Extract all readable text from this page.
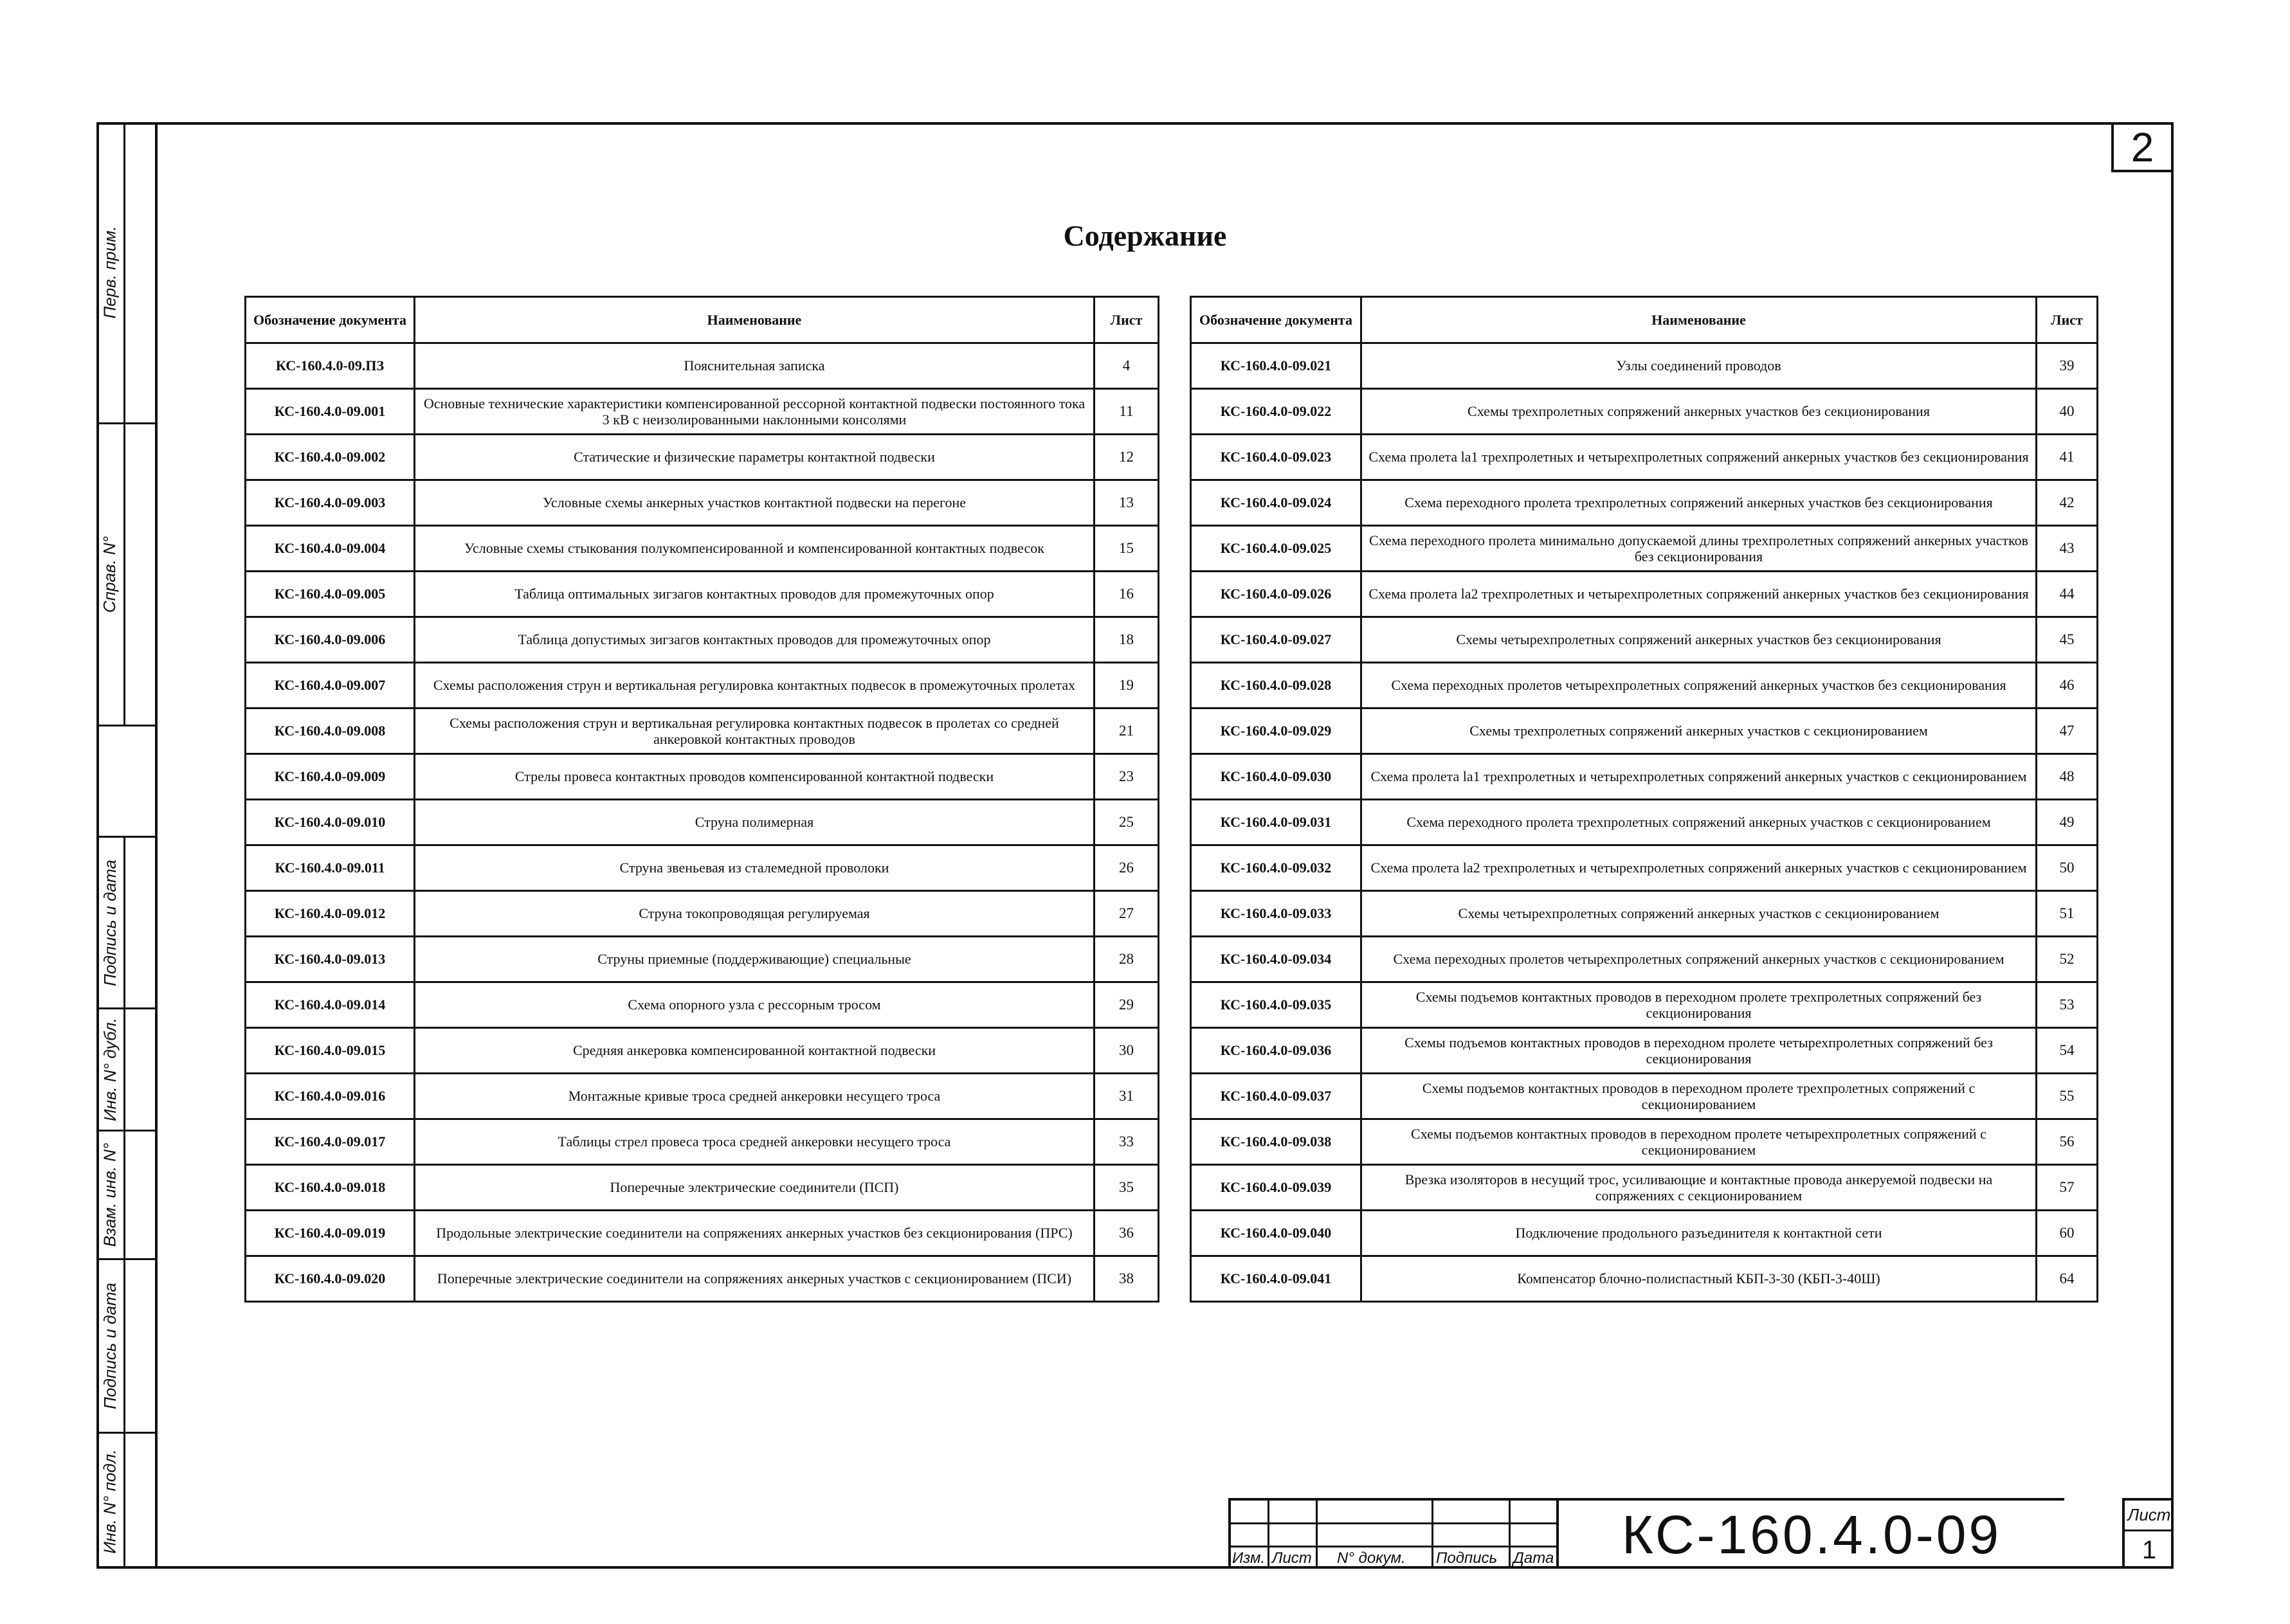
Перв. прим.
Справ. N°
Подпись и дата
Инв. N° дубл.
Взам. инв. N°
Подпись и дата
Инв. N° подл.
2
Содержание
Обозначение документа	Наименование	Лист
КС-160.4.0-09.ПЗ	Пояснительная записка	4
КС-160.4.0-09.001	Основные технические характеристики компенсированной рессорной контактной подвески постоянного тока 3 кВ с неизолированными наклонными консолями	11
КС-160.4.0-09.002	Статические и физические параметры контактной подвески	12
КС-160.4.0-09.003	Условные схемы анкерных участков контактной подвески на перегоне	13
КС-160.4.0-09.004	Условные схемы стыкования полукомпенсированной и компенсированной контактных подвесок	15
КС-160.4.0-09.005	Таблица оптимальных зигзагов контактных проводов для промежуточных опор	16
КС-160.4.0-09.006	Таблица допустимых зигзагов контактных проводов для промежуточных опор	18
КС-160.4.0-09.007	Схемы расположения струн и вертикальная регулировка контактных подвесок в промежуточных пролетах	19
КС-160.4.0-09.008	Схемы расположения струн и вертикальная регулировка контактных подвесок в пролетах со средней анкеровкой контактных проводов	21
КС-160.4.0-09.009	Стрелы провеса контактных проводов компенсированной контактной подвески	23
КС-160.4.0-09.010	Струна полимерная	25
КС-160.4.0-09.011	Струна звеньевая из сталемедной проволоки	26
КС-160.4.0-09.012	Струна токопроводящая регулируемая	27
КС-160.4.0-09.013	Струны приемные (поддерживающие) специальные	28
КС-160.4.0-09.014	Схема опорного узла с рессорным тросом	29
КС-160.4.0-09.015	Средняя анкеровка компенсированной контактной подвески	30
КС-160.4.0-09.016	Монтажные кривые троса средней анкеровки несущего троса	31
КС-160.4.0-09.017	Таблицы стрел провеса троса средней анкеровки несущего троса	33
КС-160.4.0-09.018	Поперечные электрические соединители (ПСП)	35
КС-160.4.0-09.019	Продольные электрические соединители на сопряжениях анкерных участков без секционирования (ПРС)	36
КС-160.4.0-09.020	Поперечные электрические соединители на сопряжениях анкерных участков с секционированием (ПСИ)	38
Обозначение документа	Наименование	Лист
КС-160.4.0-09.021	Узлы соединений проводов	39
КС-160.4.0-09.022	Схемы трехпролетных сопряжений анкерных участков без секционирования	40
КС-160.4.0-09.023	Схема пролета la1 трехпролетных и четырехпролетных сопряжений анкерных участков без секционирования	41
КС-160.4.0-09.024	Схема переходного пролета трехпролетных сопряжений анкерных участков без секционирования	42
КС-160.4.0-09.025	Схема переходного пролета минимально допускаемой длины трехпролетных сопряжений анкерных участков без секционирования	43
КС-160.4.0-09.026	Схема пролета la2 трехпролетных и четырехпролетных сопряжений анкерных участков без секционирования	44
КС-160.4.0-09.027	Схемы четырехпролетных сопряжений анкерных участков без секционирования	45
КС-160.4.0-09.028	Схема переходных пролетов четырехпролетных сопряжений анкерных участков без секционирования	46
КС-160.4.0-09.029	Схемы трехпролетных сопряжений анкерных участков с секционированием	47
КС-160.4.0-09.030	Схема пролета la1 трехпролетных и четырехпролетных сопряжений анкерных участков с секционированием	48
КС-160.4.0-09.031	Схема переходного пролета трехпролетных сопряжений анкерных участков с секционированием	49
КС-160.4.0-09.032	Схема пролета la2 трехпролетных и четырехпролетных сопряжений анкерных участков с секционированием	50
КС-160.4.0-09.033	Схемы четырехпролетных сопряжений анкерных участков с секционированием	51
КС-160.4.0-09.034	Схема переходных пролетов четырехпролетных сопряжений анкерных участков с секционированием	52
КС-160.4.0-09.035	Схемы подъемов контактных проводов в переходном пролете трехпролетных сопряжений без секционирования	53
КС-160.4.0-09.036	Схемы подъемов контактных проводов в переходном пролете четырехпролетных сопряжений без секционирования	54
КС-160.4.0-09.037	Схемы подъемов контактных проводов в переходном пролете трехпролетных сопряжений с секционированием	55
КС-160.4.0-09.038	Схемы подъемов контактных проводов в переходном пролете четырехпролетных сопряжений с секционированием	56
КС-160.4.0-09.039	Врезка изоляторов в несущий трос, усиливающие и контактные провода анкеруемой подвески на сопряжениях с секционированием	57
КС-160.4.0-09.040	Подключение продольного разъединителя к контактной сети	60
КС-160.4.0-09.041	Компенсатор блочно-полиспастный КБП-3-30 (КБП-3-40Ш)	64
Изм. Лист N° докум. Подпись Дата	КС-160.4.0-09	Лист
1
